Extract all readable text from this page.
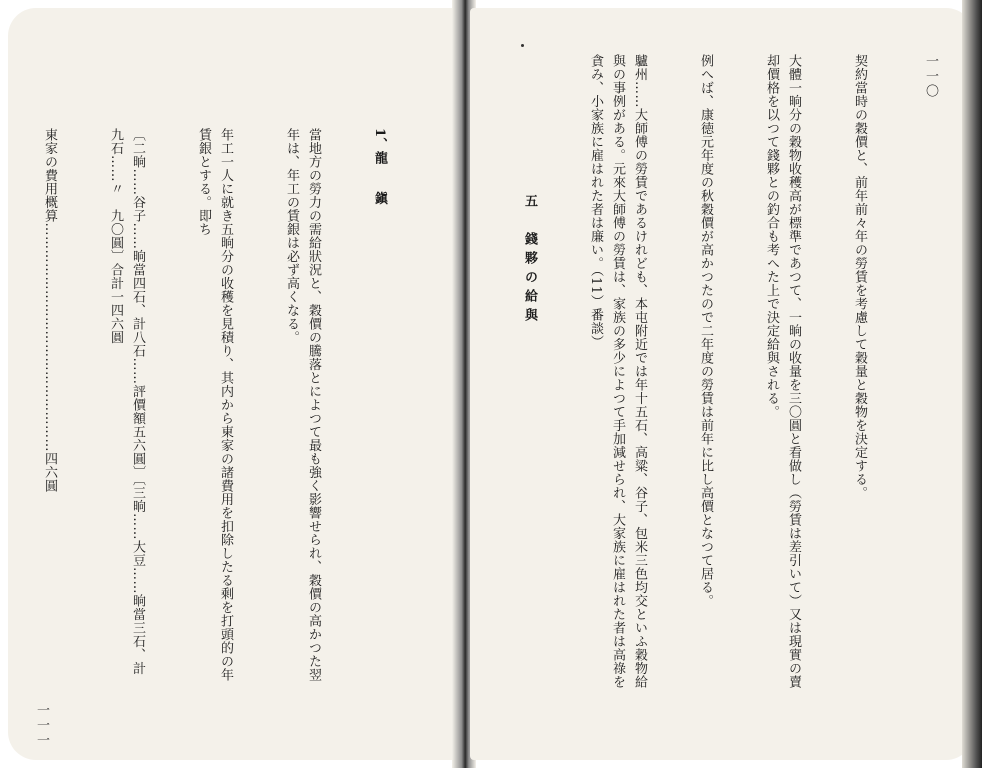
1、龍　　鎭

當地方の勞力の需給狀況と、穀價の騰落とによつて最も強く影響せられ、穀價の高かつた翌年は、年工の賃銀は必ず高くなる。

年工一人に就き五晌分の收穫を見積り、其内から東家の諸費用を扣除したる剩を打頭的の年賃銀とする。即ち

〔二晌……谷子……晌當四石、計八石……評價額五六圓〕〔三晌……大豆……晌當三石、計九石……〃　九〇圓〕合計一四六圓

東家の費用概算……………………………………………四六圓

一一一
一一〇

契約當時の穀價と、前年前々年の勞賃を考慮して穀量と穀物を決定する。

大體一晌分の穀物收穫高が標準であつて、一晌の收量を三〇圓と看做し（勞賃は差引いて）又は現實の賣却價格を以つて錢夥との釣合も考へた上で決定給與される。

例へば、康徳元年度の秋穀價が高かつたので二年度の勞賃は前年に比し高價となつて居る。

驢州……大師傅の勞賃であるけれども、本屯附近では年十五石、高粱、谷子、包米三色均交といふ穀物給與の事例がある。元來大師傅の勞賃は、家族の多少によつて手加減せられ、大家族に雇はれた者は高祿を貪み、小家族に雇はれた者は廉い。（11）番談）

五　錢夥の給與
